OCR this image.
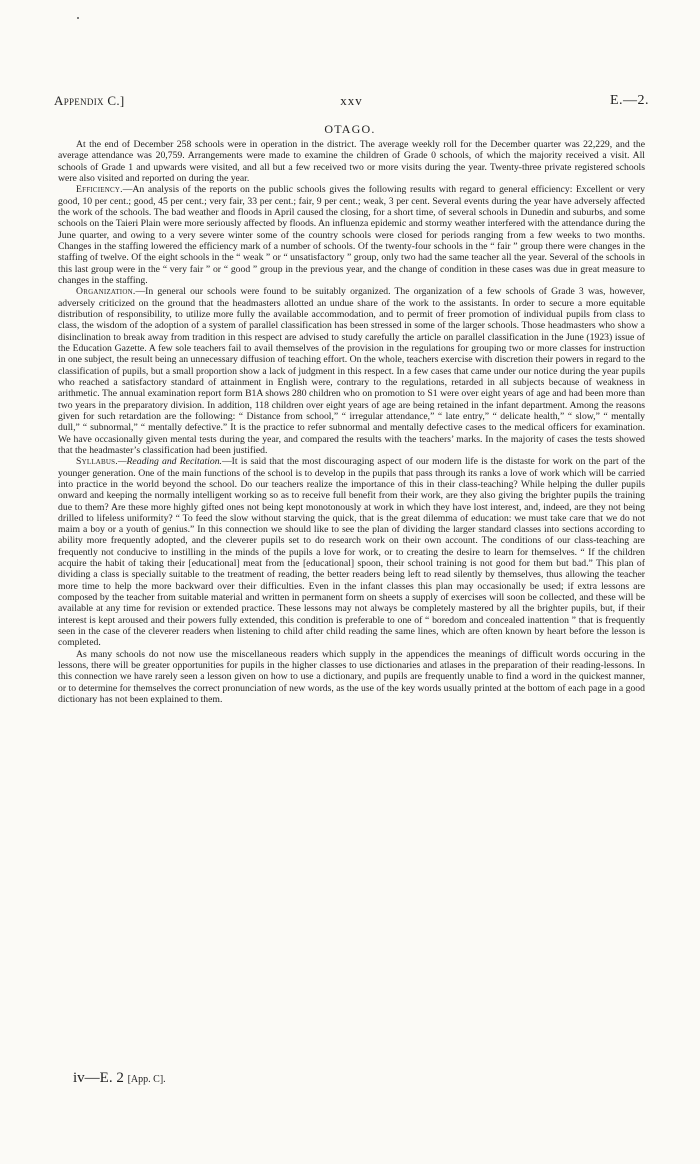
Appendix C.]	xxv	E.—2.
OTAGO.

At the end of December 258 schools were in operation in the district. The average weekly roll for the December quarter was 22,229, and the average attendance was 20,759. Arrangements were made to examine the children of Grade 0 schools, of which the majority received a visit. All schools of Grade 1 and upwards were visited, and all but a few received two or more visits during the year. Twenty-three private registered schools were also visited and reported on during the year.

Efficiency.—An analysis of the reports on the public schools gives the following results with regard to general efficiency: Excellent or very good, 10 per cent.; good, 45 per cent.; very fair, 33 per cent.; fair, 9 per cent.; weak, 3 per cent. Several events during the year have adversely affected the work of the schools. The bad weather and floods in April caused the closing, for a short time, of several schools in Dunedin and suburbs, and some schools on the Taieri Plain were more seriously affected by floods. An influenza epidemic and stormy weather interfered with the attendance during the June quarter, and owing to a very severe winter some of the country schools were closed for periods ranging from a few weeks to two months. Changes in the staffing lowered the efficiency mark of a number of schools. Of the twenty-four schools in the “ fair ” group there were changes in the staffing of twelve. Of the eight schools in the “ weak ” or “ unsatisfactory ” group, only two had the same teacher all the year. Several of the schools in this last group were in the “ very fair ” or “ good ” group in the previous year, and the change of condition in these cases was due in great measure to changes in the staffing.

Organization.—In general our schools were found to be suitably organized. The organization of a few schools of Grade 3 was, however, adversely criticized on the ground that the headmasters allotted an undue share of the work to the assistants. In order to secure a more equitable distribution of responsibility, to utilize more fully the available accommodation, and to permit of freer promotion of individual pupils from class to class, the wisdom of the adoption of a system of parallel classification has been stressed in some of the larger schools. Those headmasters who show a disinclination to break away from tradition in this respect are advised to study carefully the article on parallel classification in the June (1923) issue of the Education Gazette. A few sole teachers fail to avail themselves of the provision in the regulations for grouping two or more classes for instruction in one subject, the result being an unnecessary diffusion of teaching effort. On the whole, teachers exercise with discretion their powers in regard to the classification of pupils, but a small proportion show a lack of judgment in this respect. In a few cases that came under our notice during the year pupils who reached a satisfactory standard of attainment in English were, contrary to the regulations, retarded in all subjects because of weakness in arithmetic. The annual examination report form B1A shows 280 children who on promotion to S1 were over eight years of age and had been more than two years in the preparatory division. In addition, 118 children over eight years of age are being retained in the infant department. Among the reasons given for such retardation are the following: “ Distance from school,” “ irregular attendance,” “ late entry,” “ delicate health,” “ slow,” “ mentally dull,” “ subnormal,” “ mentally defective.” It is the practice to refer subnormal and mentally defective cases to the medical officers for examination. We have occasionally given mental tests during the year, and compared the results with the teachers’ marks. In the majority of cases the tests showed that the headmaster’s classification had been justified.

Syllabus.—Reading and Recitation.—It is said that the most discouraging aspect of our modern life is the distaste for work on the part of the younger generation. One of the main functions of the school is to develop in the pupils that pass through its ranks a love of work which will be carried into practice in the world beyond the school. Do our teachers realize the importance of this in their class-teaching? While helping the duller pupils onward and keeping the normally intelligent working so as to receive full benefit from their work, are they also giving the brighter pupils the training due to them? Are these more highly gifted ones not being kept monotonously at work in which they have lost interest, and, indeed, are they not being drilled to lifeless uniformity? “ To feed the slow without starving the quick, that is the great dilemma of education: we must take care that we do not maim a boy or a youth of genius.” In this connection we should like to see the plan of dividing the larger standard classes into sections according to ability more frequently adopted, and the cleverer pupils set to do research work on their own account. The conditions of our class-teaching are frequently not conducive to instilling in the minds of the pupils a love for work, or to creating the desire to learn for themselves. “ If the children acquire the habit of taking their [educational] meat from the [educational] spoon, their school training is not good for them but bad.” This plan of dividing a class is specially suitable to the treatment of reading, the better readers being left to read silently by themselves, thus allowing the teacher more time to help the more backward over their difficulties. Even in the infant classes this plan may occasionally be used; if extra lessons are composed by the teacher from suitable material and written in permanent form on sheets a supply of exercises will soon be collected, and these will be available at any time for revision or extended practice. These lessons may not always be completely mastered by all the brighter pupils, but, if their interest is kept aroused and their powers fully extended, this condition is preferable to one of “ boredom and concealed inattention ” that is frequently seen in the case of the cleverer readers when listening to child after child reading the same lines, which are often known by heart before the lesson is completed.

As many schools do not now use the miscellaneous readers which supply in the appendices the meanings of difficult words occuring in the lessons, there will be greater opportunities for pupils in the higher classes to use dictionaries and atlases in the preparation of their reading-lessons. In this connection we have rarely seen a lesson given on how to use a dictionary, and pupils are frequently unable to find a word in the quickest manner, or to determine for themselves the correct pronunciation of new words, as the use of the key words usually printed at the bottom of each page in a good dictionary has not been explained to them.

iv—E. 2 [App. C].
